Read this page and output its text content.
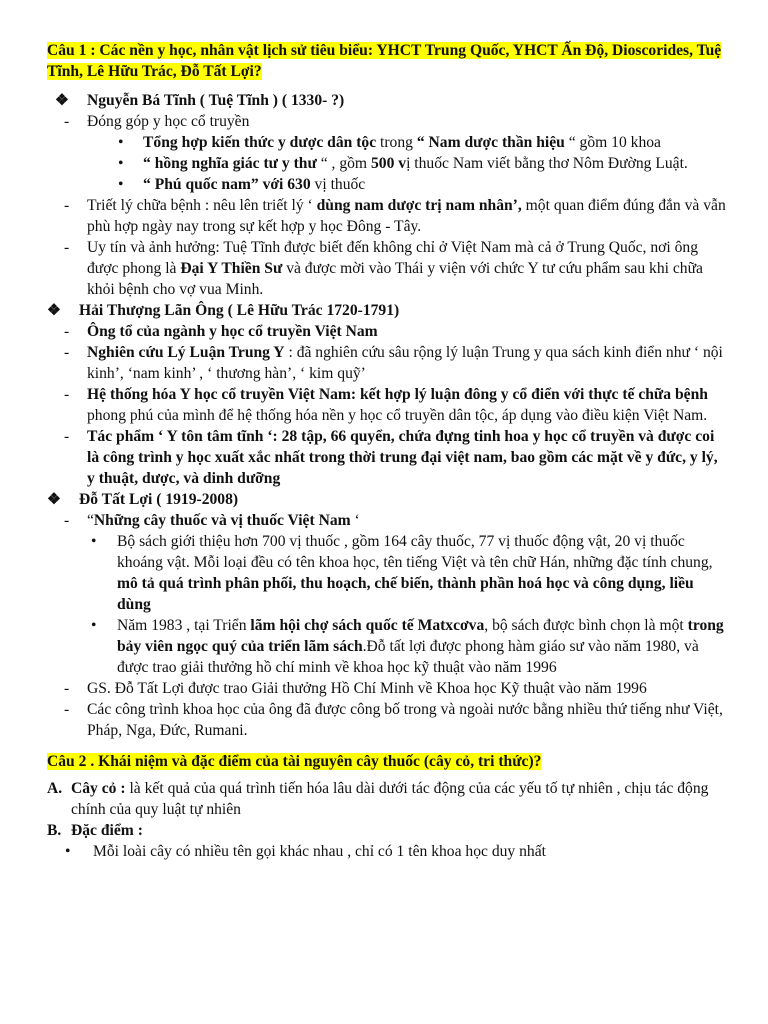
Câu 1 : Các nền y học, nhân vật lịch sử tiêu biểu: YHCT Trung Quốc, YHCT Ấn Độ, Dioscorides, Tuệ Tĩnh, Lê Hữu Trác, Đỗ Tất Lợi?
❖ Nguyễn Bá Tĩnh ( Tuệ Tĩnh ) ( 1330- ?)
- Đóng góp y học cổ truyền
• Tổng hợp kiến thức y dược dân tộc trong “ Nam dược thần hiệu “ gồm 10 khoa
• “ hồng nghĩa giác tư y thư “ , gồm 500 vị thuốc Nam viết bằng thơ Nôm Đường Luật.
• “ Phú quốc nam” với 630 vị thuốc
- Triết lý chữa bệnh : nêu lên triết lý ‘ dùng nam dược trị nam nhân’, một quan điểm đúng đắn và vẫn phù hợp ngày nay trong sự kết hợp y học Đông - Tây.
- Uy tín và ảnh hưởng: Tuệ Tĩnh được biết đến không chỉ ở Việt Nam mà cả ở Trung Quốc, nơi ông được phong là Đại Y Thiền Sư và được mời vào Thái y viện với chức Y tư cứu phẩm sau khi chữa khỏi bệnh cho vợ vua Minh.
❖ Hải Thượng Lãn Ông ( Lê Hữu Trác 1720-1791)
- Ông tổ của ngành y học cổ truyền Việt Nam
- Nghiên cứu Lý Luận Trung Y : đã nghiên cứu sâu rộng lý luận Trung y qua sách kinh điển như ‘ nội kinh’, ‘nam kinh’ , ‘ thương hàn’, ‘ kim quỹ’
- Hệ thống hóa Y học cổ truyền Việt Nam: kết hợp lý luận đông y cổ điển với thực tế chữa bệnh phong phú của mình để hệ thống hóa nền y học cổ truyền dân tộc, áp dụng vào điều kiện Việt Nam.
- Tác phẩm ‘ Y tôn tâm tĩnh ‘: 28 tập, 66 quyển, chứa đựng tinh hoa y học cổ truyền và được coi là công trình y học xuất xắc nhất trong thời trung đại việt nam, bao gồm các mặt về y đức, y lý, y thuật, dược, và dinh dưỡng
❖ Đỗ Tất Lợi ( 1919-2008)
- “Những cây thuốc và vị thuốc Việt Nam ‘
• Bộ sách giới thiệu hơn 700 vị thuốc , gồm 164 cây thuốc, 77 vị thuốc động vật, 20 vị thuốc khoáng vật. Mỗi loại đều có tên khoa học, tên tiếng Việt và tên chữ Hán, những đặc tính chung, mô tả quá trình phân phối, thu hoạch, chế biến, thành phần hoá học và công dụng, liều dùng
• Năm 1983 , tại Triển lãm hội chợ sách quốc tế Matxcơva, bộ sách được bình chọn là một trong bảy viên ngọc quý của triển lãm sách.Đỗ tất lợi được phong hàm giáo sư vào năm 1980, và được trao giải thưởng hồ chí minh về khoa học kỹ thuật vào năm 1996
- GS. Đỗ Tất Lợi được trao Giải thưởng Hồ Chí Minh về Khoa học Kỹ thuật vào năm 1996
- Các công trình khoa học của ông đã được công bố trong và ngoài nước bằng nhiều thứ tiếng như Việt, Pháp, Nga, Đức, Rumani.
Câu 2 . Khái niệm và đặc điểm của tài nguyên cây thuốc (cây cỏ, tri thức)?
A. Cây cỏ : là kết quả của quá trình tiến hóa lâu dài dưới tác động của các yếu tố tự nhiên , chịu tác động chính của quy luật tự nhiên
B. Đặc điểm :
• Mỗi loài cây có nhiều tên gọi khác nhau , chỉ có 1 tên khoa học duy nhất
